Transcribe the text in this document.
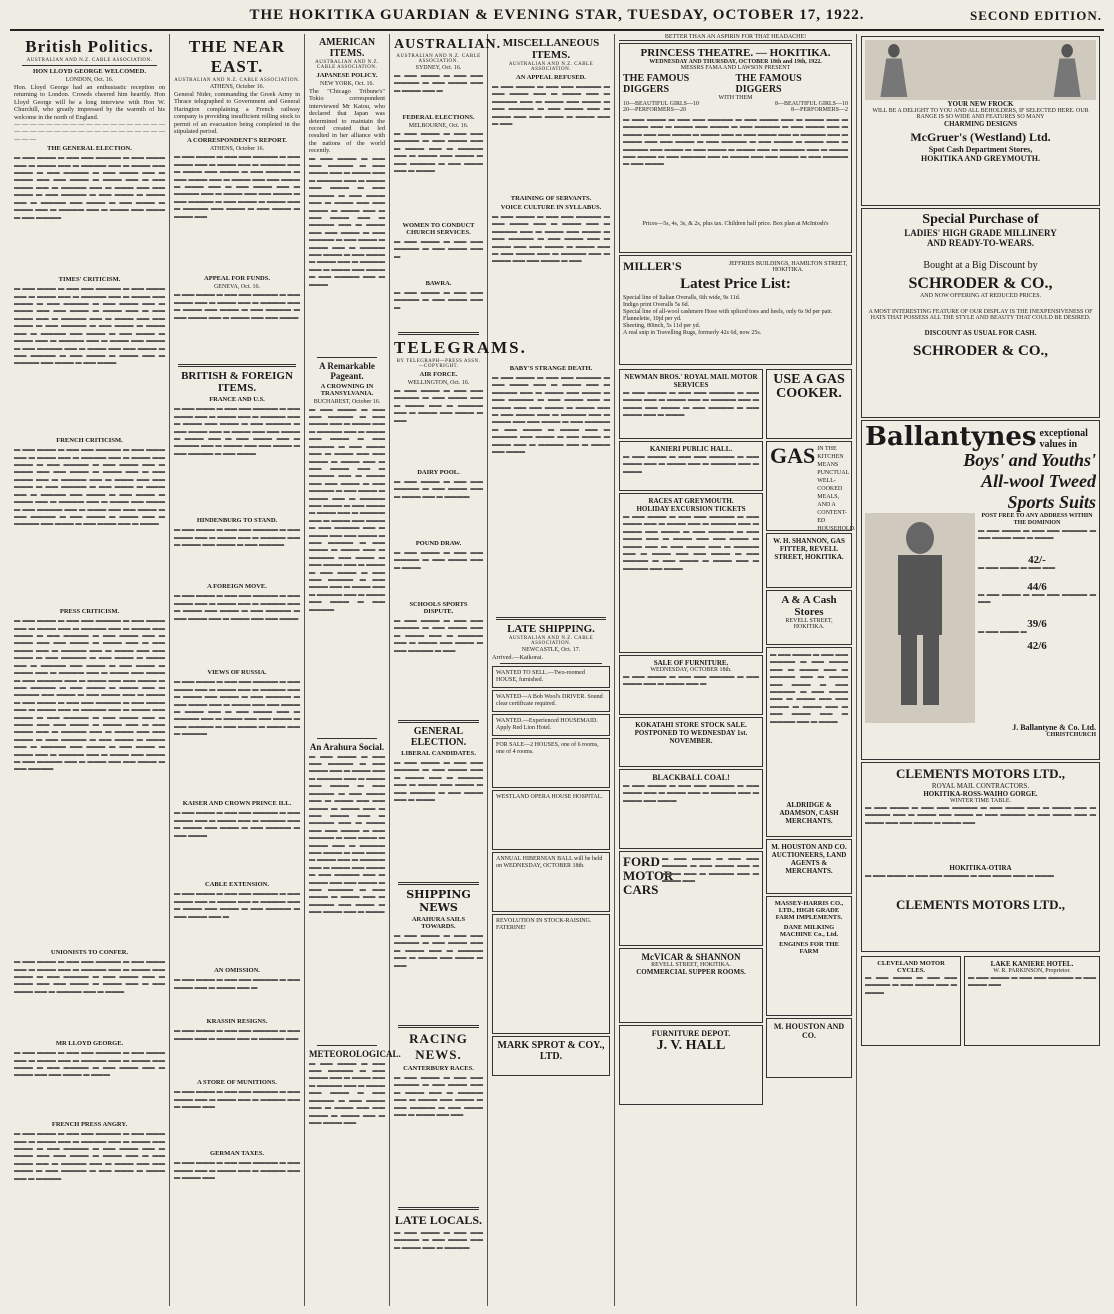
THE HOKITIKA GUARDIAN & EVENING STAR, TUESDAY, OCTOBER 17, 1922.	SECOND EDITION.
British Politics.
AUSTRALIAN AND N.Z. CABLE ASSOCIATION.
HON LLOYD GEORGE WELCOMED.
LONDON, Oct. 16.

Hon. Lloyd George had an enthusiastic reception on returning to London. Crowds cheered him heartily. Hon Lloyd George will be a long interview with Hon W. Churchill, who greatly impressed by the warmth of his welcome in the north of England.

— — — — — — — — — — — — — — — — — — — — — — — — — — — — — — — — — — — — — — — — —

THE GENERAL ELECTION.

▬ ▬▬ ▬▬▬ ▬ ▬▬ ▬▬ ▬▬▬▬ ▬ ▬▬ ▬▬▬ ▬▬ ▬ ▬▬▬ ▬▬ ▬ ▬▬▬▬ ▬▬ ▬ ▬▬▬ ▬▬ ▬▬▬ ▬ ▬▬ ▬▬▬▬ ▬ ▬▬ ▬▬▬ ▬▬ ▬ ▬▬▬ ▬▬ ▬▬ ▬▬▬ ▬ ▬▬▬ ▬▬ ▬ ▬▬ ▬▬▬ ▬▬ ▬ ▬▬▬▬ ▬▬ ▬ ▬▬▬ ▬▬ ▬▬ ▬▬▬ ▬ ▬▬ ▬▬▬▬ ▬ ▬▬ ▬▬▬ ▬ ▬▬▬ ▬▬ ▬ ▬▬▬▬ ▬▬ ▬▬▬ ▬ ▬▬ ▬▬▬ ▬ ▬▬▬ ▬▬ ▬ ▬▬▬▬ ▬▬ ▬ ▬▬▬ ▬▬ ▬▬▬ ▬ ▬▬ ▬▬▬▬

TIMES' CRITICISM.

▬ ▬▬ ▬▬▬ ▬ ▬▬ ▬▬ ▬▬▬▬ ▬ ▬▬ ▬▬▬ ▬▬ ▬ ▬▬▬ ▬▬ ▬ ▬▬▬▬ ▬▬ ▬ ▬▬▬ ▬▬ ▬▬▬ ▬ ▬▬ ▬▬▬▬ ▬ ▬▬ ▬▬▬ ▬▬ ▬ ▬▬▬ ▬▬ ▬▬ ▬▬▬ ▬ ▬▬▬ ▬▬ ▬ ▬▬ ▬▬▬ ▬▬ ▬ ▬▬▬▬ ▬▬ ▬ ▬▬▬ ▬▬ ▬▬ ▬▬▬ ▬ ▬▬ ▬▬▬▬ ▬ ▬▬ ▬▬▬ ▬ ▬▬▬ ▬▬ ▬ ▬▬▬▬ ▬▬ ▬▬▬ ▬ ▬▬ ▬▬▬ ▬ ▬▬▬ ▬▬ ▬ ▬▬▬▬ ▬▬ ▬ ▬▬▬ ▬▬ ▬▬▬ ▬ ▬▬ ▬▬▬▬ ▬▬ ▬ ▬▬▬ ▬▬ ▬▬ ▬▬▬ ▬ ▬▬ ▬▬▬▬ ▬ ▬▬ ▬▬▬ ▬ ▬▬▬ ▬▬ ▬ ▬▬▬▬ ▬▬ ▬▬▬ ▬ ▬▬ ▬▬▬

FRENCH CRITICISM.

▬ ▬▬ ▬▬▬ ▬ ▬▬ ▬▬ ▬▬▬▬ ▬ ▬▬ ▬▬▬ ▬▬ ▬ ▬▬▬ ▬▬ ▬ ▬▬▬▬ ▬▬ ▬ ▬▬▬ ▬▬ ▬▬▬ ▬ ▬▬ ▬▬▬▬ ▬ ▬▬ ▬▬▬ ▬▬ ▬ ▬▬▬ ▬▬ ▬▬ ▬▬▬ ▬ ▬▬▬ ▬▬ ▬ ▬▬ ▬▬▬ ▬▬ ▬ ▬▬▬▬ ▬▬ ▬ ▬▬▬ ▬▬ ▬▬ ▬▬▬ ▬ ▬▬ ▬▬▬▬ ▬ ▬▬ ▬▬▬ ▬ ▬▬▬ ▬▬ ▬ ▬▬▬▬ ▬▬ ▬▬▬ ▬ ▬▬ ▬▬▬ ▬ ▬▬▬ ▬▬ ▬ ▬▬▬▬ ▬▬ ▬ ▬▬▬ ▬▬ ▬▬▬ ▬ ▬▬ ▬▬▬▬ ▬▬ ▬ ▬▬▬ ▬▬ ▬▬ ▬▬▬ ▬ ▬▬ ▬▬▬▬ ▬ ▬▬ ▬▬▬ ▬ ▬▬▬ ▬▬ ▬ ▬▬▬▬ ▬▬ ▬▬▬ ▬ ▬▬ ▬▬▬ ▬▬ ▬ ▬▬▬

PRESS CRITICISM.

▬ ▬▬ ▬▬▬ ▬ ▬▬ ▬▬ ▬▬▬▬ ▬ ▬▬ ▬▬▬ ▬▬ ▬ ▬▬▬ ▬▬ ▬ ▬▬▬▬ ▬▬ ▬ ▬▬▬ ▬▬ ▬▬▬ ▬ ▬▬ ▬▬▬▬ ▬ ▬▬ ▬▬▬ ▬▬ ▬ ▬▬▬ ▬▬ ▬▬ ▬▬▬ ▬ ▬▬▬ ▬▬ ▬ ▬▬ ▬▬▬ ▬▬ ▬ ▬▬▬▬ ▬▬ ▬ ▬▬▬ ▬▬ ▬▬ ▬▬▬ ▬ ▬▬ ▬▬▬▬ ▬ ▬▬ ▬▬▬ ▬ ▬▬▬ ▬▬ ▬ ▬▬▬▬ ▬▬ ▬▬▬ ▬ ▬▬ ▬▬▬ ▬ ▬▬▬ ▬▬ ▬ ▬▬▬▬ ▬▬ ▬ ▬▬▬ ▬▬ ▬▬▬ ▬ ▬▬ ▬▬▬▬ ▬▬ ▬ ▬▬▬ ▬▬ ▬▬ ▬▬▬ ▬ ▬▬ ▬▬▬▬ ▬ ▬▬ ▬▬▬ ▬ ▬▬▬ ▬▬ ▬ ▬▬▬▬ ▬▬ ▬▬▬ ▬ ▬▬ ▬▬▬ ▬▬ ▬ ▬▬▬ ▬ ▬▬ ▬▬▬ ▬ ▬▬ ▬▬ ▬▬▬▬ ▬ ▬▬ ▬▬▬ ▬▬ ▬ ▬▬▬ ▬▬ ▬ ▬▬▬▬ ▬▬ ▬ ▬▬▬ ▬▬ ▬▬▬ ▬ ▬▬ ▬▬▬▬ ▬ ▬▬ ▬▬▬ ▬▬ ▬ ▬▬▬ ▬▬ ▬▬ ▬▬▬ ▬ ▬▬▬ ▬▬ ▬ ▬▬ ▬▬▬ ▬▬ ▬ ▬▬▬▬ ▬▬ ▬ ▬▬▬ ▬▬ ▬▬ ▬▬▬ ▬ ▬▬ ▬▬▬▬ ▬ ▬▬ ▬▬▬ ▬ ▬▬▬ ▬▬ ▬ ▬▬▬▬ ▬▬ ▬▬▬ ▬ ▬▬ ▬▬▬ ▬ ▬▬▬ ▬▬ ▬ ▬▬▬▬ ▬▬ ▬ ▬▬▬ ▬▬ ▬▬▬ ▬ ▬▬ ▬▬▬▬ ▬▬ ▬ ▬▬▬ ▬▬ ▬▬ ▬▬▬ ▬ ▬▬ ▬▬▬▬

UNIONISTS TO CONFER.

▬ ▬▬ ▬▬▬ ▬ ▬▬ ▬▬ ▬▬▬▬ ▬ ▬▬ ▬▬▬ ▬▬ ▬ ▬▬▬ ▬▬ ▬ ▬▬▬▬ ▬▬ ▬ ▬▬▬ ▬▬ ▬▬▬ ▬ ▬▬ ▬▬▬▬ ▬ ▬▬ ▬▬▬ ▬▬ ▬ ▬▬▬ ▬▬ ▬▬ ▬▬▬ ▬ ▬▬▬ ▬▬ ▬ ▬▬ ▬▬▬ ▬▬ ▬ ▬▬▬▬ ▬▬ ▬ ▬▬▬

MR LLOYD GEORGE.

▬ ▬▬ ▬▬▬ ▬ ▬▬ ▬▬ ▬▬▬▬ ▬ ▬▬ ▬▬▬ ▬▬ ▬ ▬▬▬ ▬▬ ▬ ▬▬▬▬ ▬▬ ▬ ▬▬▬ ▬▬ ▬▬▬ ▬ ▬▬ ▬▬▬▬ ▬ ▬▬ ▬▬▬ ▬▬ ▬ ▬▬▬ ▬▬ ▬▬ ▬▬▬ ▬ ▬▬▬

FRENCH PRESS ANGRY.

▬ ▬▬ ▬▬▬ ▬ ▬▬ ▬▬ ▬▬▬▬ ▬ ▬▬ ▬▬▬ ▬▬ ▬ ▬▬▬ ▬▬ ▬ ▬▬▬▬ ▬▬ ▬ ▬▬▬ ▬▬ ▬▬▬ ▬ ▬▬ ▬▬▬▬ ▬ ▬▬ ▬▬▬ ▬▬ ▬ ▬▬▬ ▬▬ ▬▬ ▬▬▬ ▬ ▬▬▬ ▬▬ ▬ ▬▬ ▬▬▬ ▬▬ ▬ ▬▬▬▬ ▬▬ ▬ ▬▬▬ ▬▬ ▬▬ ▬▬▬ ▬ ▬▬ ▬▬▬▬ ▬ ▬▬ ▬▬▬ ▬ ▬▬▬ ▬▬ ▬ ▬▬▬▬

THE NEAR EAST.
AUSTRALIAN AND N.Z. CABLE ASSOCIATION.
ATHENS, October 16.

General Nider, commanding the Greek Army in Thrace telegraphed to Government and General Harington complaining a French railway company is providing insufficient rolling stock to permit of an evacuation being completed in the stipulated period.

A CORRESPONDENT'S REPORT.
ATHENS, October 16.

▬ ▬▬ ▬▬▬ ▬ ▬▬ ▬▬ ▬▬▬▬ ▬ ▬▬ ▬▬▬ ▬▬ ▬ ▬▬▬ ▬▬ ▬ ▬▬▬▬ ▬▬ ▬ ▬▬▬ ▬▬ ▬▬▬ ▬ ▬▬ ▬▬▬▬ ▬ ▬▬ ▬▬▬ ▬▬ ▬ ▬▬▬ ▬▬ ▬▬ ▬▬▬ ▬ ▬▬▬ ▬▬ ▬ ▬▬ ▬▬▬ ▬▬ ▬ ▬▬▬▬ ▬▬ ▬ ▬▬▬ ▬▬ ▬▬ ▬▬▬ ▬ ▬▬ ▬▬▬▬ ▬ ▬▬ ▬▬▬ ▬ ▬▬▬ ▬▬ ▬ ▬▬▬▬ ▬▬ ▬▬▬ ▬ ▬▬ ▬▬▬ ▬ ▬▬▬ ▬▬

APPEAL FOR FUNDS.
GENEVA, Oct. 16.

▬ ▬▬ ▬▬▬ ▬ ▬▬ ▬▬ ▬▬▬▬ ▬ ▬▬ ▬▬▬ ▬▬ ▬ ▬▬▬ ▬▬ ▬ ▬▬▬▬ ▬▬ ▬ ▬▬▬ ▬▬ ▬▬▬ ▬ ▬▬ ▬▬▬▬ ▬ ▬▬ ▬▬▬ ▬▬ ▬ ▬▬▬ ▬▬ ▬▬ ▬▬▬

BRITISH & FOREIGN ITEMS.
FRANCE AND U.S.

▬ ▬▬ ▬▬▬ ▬ ▬▬ ▬▬ ▬▬▬▬ ▬ ▬▬ ▬▬▬ ▬▬ ▬ ▬▬▬ ▬▬ ▬ ▬▬▬▬ ▬▬ ▬ ▬▬▬ ▬▬ ▬▬▬ ▬ ▬▬ ▬▬▬▬ ▬ ▬▬ ▬▬▬ ▬▬ ▬ ▬▬▬ ▬▬ ▬▬ ▬▬▬ ▬ ▬▬▬ ▬▬ ▬ ▬▬ ▬▬▬ ▬▬ ▬ ▬▬▬▬ ▬▬ ▬ ▬▬▬ ▬▬ ▬▬ ▬▬▬ ▬ ▬▬ ▬▬▬▬ ▬ ▬▬ ▬▬▬

HINDENBURG TO STAND.

▬ ▬▬ ▬▬▬ ▬ ▬▬ ▬▬ ▬▬▬▬ ▬ ▬▬ ▬▬▬ ▬▬ ▬ ▬▬▬ ▬▬ ▬ ▬▬▬▬ ▬▬ ▬ ▬▬▬ ▬▬ ▬▬▬ ▬ ▬▬ ▬▬▬▬

A FOREIGN MOVE.

▬ ▬▬ ▬▬▬ ▬ ▬▬ ▬▬ ▬▬▬▬ ▬ ▬▬ ▬▬▬ ▬▬ ▬ ▬▬▬ ▬▬ ▬ ▬▬▬▬ ▬▬ ▬ ▬▬▬ ▬▬ ▬▬▬ ▬ ▬▬ ▬▬▬▬ ▬ ▬▬ ▬▬▬ ▬▬ ▬ ▬▬▬ ▬▬ ▬▬ ▬▬▬

VIEWS OF RUSSIA.

▬ ▬▬ ▬▬▬ ▬ ▬▬ ▬▬ ▬▬▬▬ ▬ ▬▬ ▬▬▬ ▬▬ ▬ ▬▬▬ ▬▬ ▬ ▬▬▬▬ ▬▬ ▬ ▬▬▬ ▬▬ ▬▬▬ ▬ ▬▬ ▬▬▬▬ ▬ ▬▬ ▬▬▬ ▬▬ ▬ ▬▬▬ ▬▬ ▬▬ ▬▬▬ ▬ ▬▬▬ ▬▬ ▬ ▬▬ ▬▬▬ ▬▬ ▬ ▬▬▬▬ ▬▬ ▬ ▬▬▬ ▬▬ ▬▬ ▬▬▬ ▬ ▬▬ ▬▬▬▬ ▬ ▬▬ ▬▬▬ ▬ ▬▬▬ ▬▬ ▬ ▬▬▬▬

KAISER AND CROWN PRINCE ILL.

▬ ▬▬ ▬▬▬ ▬ ▬▬ ▬▬ ▬▬▬▬ ▬ ▬▬ ▬▬▬ ▬▬ ▬ ▬▬▬ ▬▬ ▬ ▬▬▬▬ ▬▬ ▬ ▬▬▬ ▬▬ ▬▬▬ ▬ ▬▬ ▬▬▬▬ ▬ ▬▬ ▬▬▬

CABLE EXTENSION.

▬ ▬▬ ▬▬▬ ▬ ▬▬ ▬▬ ▬▬▬▬ ▬ ▬▬ ▬▬▬ ▬▬ ▬ ▬▬▬ ▬▬ ▬ ▬▬▬▬ ▬▬ ▬ ▬▬▬ ▬▬ ▬▬▬ ▬ ▬▬ ▬▬▬▬ ▬ ▬▬ ▬▬▬ ▬▬ ▬

AN OMISSION.

▬ ▬▬ ▬▬▬ ▬ ▬▬ ▬▬ ▬▬▬▬ ▬ ▬▬ ▬▬▬ ▬▬ ▬ ▬▬▬ ▬▬ ▬

KRASSIN RESIGNS.

▬ ▬▬ ▬▬▬ ▬ ▬▬ ▬▬ ▬▬▬▬ ▬ ▬▬ ▬▬▬ ▬▬ ▬ ▬▬▬ ▬▬ ▬ ▬▬▬▬ ▬▬

A STORE OF MUNITIONS.

▬ ▬▬ ▬▬▬ ▬ ▬▬ ▬▬ ▬▬▬▬ ▬ ▬▬ ▬▬▬ ▬▬ ▬ ▬▬▬ ▬▬ ▬ ▬▬▬▬ ▬▬ ▬ ▬▬▬ ▬▬

GERMAN TAXES.

▬ ▬▬ ▬▬▬ ▬ ▬▬ ▬▬ ▬▬▬▬ ▬ ▬▬ ▬▬▬ ▬▬ ▬ ▬▬▬ ▬▬ ▬ ▬▬▬▬ ▬▬ ▬ ▬▬▬ ▬▬

AMERICAN ITEMS.
AUSTRALIAN AND N.Z. CABLE ASSOCIATION.
JAPANESE POLICY.
NEW YORK, Oct. 16.

The "Chicago Tribune's" Tokio correspondent interviewed Mr Katou, who declared that Japan was determined to maintain the record created that led resulted in her alliance with the nations of the world recently.

▬ ▬▬ ▬▬▬ ▬ ▬▬ ▬▬ ▬▬▬▬ ▬ ▬▬ ▬▬▬ ▬▬ ▬ ▬▬▬ ▬▬ ▬ ▬▬▬▬ ▬▬ ▬ ▬▬▬ ▬▬ ▬▬▬ ▬ ▬▬ ▬▬▬▬ ▬ ▬▬ ▬▬▬ ▬▬ ▬ ▬▬▬ ▬▬ ▬▬ ▬▬▬ ▬ ▬▬▬ ▬▬ ▬ ▬▬ ▬▬▬ ▬▬ ▬ ▬▬▬▬ ▬▬ ▬ ▬▬▬ ▬▬ ▬▬ ▬▬▬ ▬ ▬▬ ▬▬▬▬ ▬ ▬▬ ▬▬▬ ▬ ▬▬▬ ▬▬ ▬ ▬▬▬▬ ▬▬ ▬▬▬ ▬ ▬▬ ▬▬▬ ▬ ▬▬▬ ▬▬ ▬ ▬▬▬▬ ▬▬ ▬ ▬▬▬ ▬▬ ▬▬▬ ▬ ▬▬ ▬▬▬▬ ▬▬ ▬ ▬▬▬

A Remarkable Pageant.
A CROWNING IN TRANSYLVANIA.
BUCHAREST, October 16.

▬ ▬▬ ▬▬▬ ▬ ▬▬ ▬▬ ▬▬▬▬ ▬ ▬▬ ▬▬▬ ▬▬ ▬ ▬▬▬ ▬▬ ▬ ▬▬▬▬ ▬▬ ▬ ▬▬▬ ▬▬ ▬▬▬ ▬ ▬▬ ▬▬▬▬ ▬ ▬▬ ▬▬▬ ▬▬ ▬ ▬▬▬ ▬▬ ▬▬ ▬▬▬ ▬ ▬▬▬ ▬▬ ▬ ▬▬ ▬▬▬ ▬▬ ▬ ▬▬▬▬ ▬▬ ▬ ▬▬▬ ▬▬ ▬▬ ▬▬▬ ▬ ▬▬ ▬▬▬▬ ▬ ▬▬ ▬▬▬ ▬ ▬▬▬ ▬▬ ▬ ▬▬▬▬ ▬▬ ▬▬▬ ▬ ▬▬ ▬▬▬ ▬ ▬▬▬ ▬▬ ▬ ▬▬▬▬ ▬▬ ▬ ▬▬▬ ▬▬ ▬▬▬ ▬ ▬▬ ▬▬▬▬ ▬▬ ▬ ▬▬▬ ▬▬ ▬▬ ▬▬▬ ▬ ▬▬ ▬▬▬▬ ▬ ▬▬ ▬▬▬ ▬ ▬▬▬ ▬▬ ▬ ▬▬▬▬ ▬▬ ▬▬▬ ▬ ▬▬ ▬▬▬ ▬▬ ▬ ▬▬▬ ▬ ▬▬ ▬▬▬ ▬ ▬▬ ▬▬ ▬▬▬▬ ▬ ▬▬ ▬▬▬ ▬▬ ▬ ▬▬▬ ▬▬ ▬ ▬▬▬▬ ▬▬ ▬ ▬▬▬ ▬▬ ▬▬▬ ▬ ▬▬ ▬▬▬▬

An Arahura Social.

▬ ▬▬ ▬▬▬ ▬ ▬▬ ▬▬ ▬▬▬▬ ▬ ▬▬ ▬▬▬ ▬▬ ▬ ▬▬▬ ▬▬ ▬ ▬▬▬▬ ▬▬ ▬ ▬▬▬ ▬▬ ▬▬▬ ▬ ▬▬ ▬▬▬▬ ▬ ▬▬ ▬▬▬ ▬▬ ▬ ▬▬▬ ▬▬ ▬▬ ▬▬▬ ▬ ▬▬▬ ▬▬ ▬ ▬▬ ▬▬▬ ▬▬ ▬ ▬▬▬▬ ▬▬ ▬ ▬▬▬ ▬▬ ▬▬ ▬▬▬ ▬ ▬▬ ▬▬▬▬ ▬ ▬▬ ▬▬▬ ▬ ▬▬▬ ▬▬ ▬ ▬▬▬▬ ▬▬ ▬▬▬ ▬ ▬▬ ▬▬▬ ▬ ▬▬▬ ▬▬ ▬ ▬▬▬▬ ▬▬ ▬ ▬▬▬ ▬▬ ▬▬▬ ▬ ▬▬ ▬▬▬▬ ▬▬ ▬ ▬▬▬ ▬▬ ▬▬ ▬▬▬ ▬ ▬▬ ▬▬▬▬ ▬ ▬▬ ▬▬▬ ▬ ▬▬▬ ▬▬ ▬ ▬▬▬▬ ▬▬ ▬▬▬ ▬ ▬▬ ▬▬▬ ▬▬ ▬ ▬▬▬

METEOROLOGICAL.

▬ ▬▬ ▬▬▬ ▬ ▬▬ ▬▬ ▬▬▬▬ ▬ ▬▬ ▬▬▬ ▬▬ ▬ ▬▬▬ ▬▬ ▬ ▬▬▬▬ ▬▬ ▬ ▬▬▬ ▬▬ ▬▬▬ ▬ ▬▬ ▬▬▬▬ ▬ ▬▬ ▬▬▬ ▬▬ ▬ ▬▬▬ ▬▬ ▬▬ ▬▬▬ ▬ ▬▬▬ ▬▬ ▬ ▬▬ ▬▬▬ ▬▬

AUSTRALIAN.
AUSTRALIAN AND N.Z. CABLE ASSOCIATION.
SYDNEY, Oct. 16.

▬ ▬▬ ▬▬▬ ▬ ▬▬ ▬▬ ▬▬▬▬ ▬ ▬▬ ▬▬▬ ▬▬ ▬ ▬▬▬ ▬▬ ▬

FEDERAL ELECTIONS.
MELBOURNE, Oct. 16.

▬ ▬▬ ▬▬▬ ▬ ▬▬ ▬▬ ▬▬▬▬ ▬ ▬▬ ▬▬▬ ▬▬ ▬ ▬▬▬ ▬▬ ▬ ▬▬▬▬ ▬▬ ▬ ▬▬▬ ▬▬ ▬▬▬ ▬ ▬▬ ▬▬▬▬ ▬ ▬▬ ▬▬▬ ▬▬ ▬ ▬▬▬

WOMEN TO CONDUCT CHURCH SERVICES.

▬ ▬▬ ▬▬▬ ▬ ▬▬ ▬▬ ▬▬▬▬ ▬ ▬▬ ▬▬▬ ▬▬ ▬

BAWRA.

▬ ▬▬ ▬▬▬ ▬ ▬▬ ▬▬ ▬▬▬▬ ▬ ▬▬ ▬▬▬ ▬▬ ▬

TELEGRAMS.
BY TELEGRAPH—PRESS ASSN.—COPYRIGHT.
AIR FORCE.
WELLINGTON, Oct. 16.

▬ ▬▬ ▬▬▬ ▬ ▬▬ ▬▬ ▬▬▬▬ ▬ ▬▬ ▬▬▬ ▬▬ ▬ ▬▬▬ ▬▬ ▬ ▬▬▬▬ ▬▬ ▬ ▬▬▬ ▬▬ ▬▬▬ ▬ ▬▬

DAIRY POOL.

▬ ▬▬ ▬▬▬ ▬ ▬▬ ▬▬ ▬▬▬▬ ▬ ▬▬ ▬▬▬ ▬▬ ▬ ▬▬▬ ▬▬ ▬ ▬▬▬▬

POUND DRAW.

▬ ▬▬ ▬▬▬ ▬ ▬▬ ▬▬ ▬▬▬▬ ▬ ▬▬ ▬▬▬ ▬▬ ▬ ▬▬▬

SCHOOLS SPORTS DISPUTE.

▬ ▬▬ ▬▬▬ ▬ ▬▬ ▬▬ ▬▬▬▬ ▬ ▬▬ ▬▬▬ ▬▬ ▬ ▬▬▬ ▬▬ ▬ ▬▬▬▬ ▬▬ ▬ ▬▬▬ ▬▬ ▬▬▬ ▬ ▬▬ ▬▬▬▬ ▬ ▬▬

GENERAL ELECTION.
LIBERAL CANDIDATES.

▬ ▬▬ ▬▬▬ ▬ ▬▬ ▬▬ ▬▬▬▬ ▬ ▬▬ ▬▬▬ ▬▬ ▬ ▬▬▬ ▬▬ ▬ ▬▬▬▬ ▬▬ ▬ ▬▬▬ ▬▬ ▬▬▬ ▬ ▬▬ ▬▬▬▬ ▬ ▬▬ ▬▬▬ ▬▬ ▬ ▬▬▬

SHIPPING NEWS
ARAHURA SAILS TOWARDS.

▬ ▬▬ ▬▬▬ ▬ ▬▬ ▬▬ ▬▬▬▬ ▬ ▬▬ ▬▬▬ ▬▬ ▬ ▬▬▬ ▬▬ ▬ ▬▬▬▬ ▬▬ ▬ ▬▬▬ ▬▬ ▬▬▬ ▬ ▬▬

RACING NEWS.
CANTERBURY RACES.

▬ ▬▬ ▬▬▬ ▬ ▬▬ ▬▬ ▬▬▬▬ ▬ ▬▬ ▬▬▬ ▬▬ ▬ ▬▬▬ ▬▬ ▬ ▬▬▬▬ ▬▬ ▬ ▬▬▬ ▬▬ ▬▬▬ ▬ ▬▬ ▬▬▬▬ ▬ ▬▬ ▬▬▬ ▬▬ ▬ ▬▬▬ ▬▬ ▬▬

LATE LOCALS.

▬ ▬▬ ▬▬▬ ▬ ▬▬ ▬▬ ▬▬▬▬ ▬ ▬▬ ▬▬▬ ▬▬ ▬ ▬▬▬ ▬▬ ▬ ▬▬▬▬

MISCELLANEOUS ITEMS.
AUSTRALIAN AND N.Z. CABLE ASSOCIATION.
AN APPEAL REFUSED.

▬ ▬▬ ▬▬▬ ▬ ▬▬ ▬▬ ▬▬▬▬ ▬ ▬▬ ▬▬▬ ▬▬ ▬ ▬▬▬ ▬▬ ▬ ▬▬▬▬ ▬▬ ▬ ▬▬▬ ▬▬ ▬▬▬ ▬ ▬▬ ▬▬▬▬ ▬ ▬▬ ▬▬▬ ▬▬ ▬ ▬▬▬ ▬▬ ▬▬ ▬▬▬ ▬ ▬▬▬ ▬▬ ▬ ▬▬

TRAINING OF SERVANTS.
VOICE CULTURE IN SYLLABUS.

▬ ▬▬ ▬▬▬ ▬ ▬▬ ▬▬ ▬▬▬▬ ▬ ▬▬ ▬▬▬ ▬▬ ▬ ▬▬▬ ▬▬ ▬ ▬▬▬▬ ▬▬ ▬ ▬▬▬ ▬▬ ▬▬▬ ▬ ▬▬ ▬▬▬▬ ▬ ▬▬ ▬▬▬ ▬▬ ▬ ▬▬▬ ▬▬ ▬▬ ▬▬▬ ▬ ▬▬▬ ▬▬ ▬ ▬▬ ▬▬▬ ▬▬ ▬ ▬▬▬▬ ▬▬ ▬ ▬▬▬ ▬▬ ▬▬ ▬▬▬ ▬ ▬▬

BABY'S STRANGE DEATH.

▬ ▬▬ ▬▬▬ ▬ ▬▬ ▬▬ ▬▬▬▬ ▬ ▬▬ ▬▬▬ ▬▬ ▬ ▬▬▬ ▬▬ ▬ ▬▬▬▬ ▬▬ ▬ ▬▬▬ ▬▬ ▬▬▬ ▬ ▬▬ ▬▬▬▬ ▬ ▬▬ ▬▬▬ ▬▬ ▬ ▬▬▬ ▬▬ ▬▬ ▬▬▬ ▬ ▬▬▬ ▬▬ ▬ ▬▬ ▬▬▬ ▬▬ ▬ ▬▬▬▬ ▬▬ ▬ ▬▬▬ ▬▬ ▬▬ ▬▬▬ ▬ ▬▬ ▬▬▬▬ ▬ ▬▬ ▬▬▬ ▬ ▬▬▬ ▬▬ ▬ ▬▬▬▬ ▬▬ ▬▬▬ ▬ ▬▬ ▬▬▬ ▬ ▬▬▬ ▬▬ ▬ ▬▬▬▬ ▬▬ ▬ ▬▬▬ ▬▬ ▬▬▬

LATE SHIPPING.
AUSTRALIAN AND N.Z. CABLE ASSOCIATION.
NEWCASTLE, Oct. 17.

Arrived.—Kaikorai.

WANTED TO SELL.—Two-roomed HOUSE, furnished.
WANTED—A Bob Wool's DRIVER. Sound clear certificate required.
WANTED.—Experienced HOUSEMAID. Apply Red Lion Hotel.
FOR SALE—2 HOUSES, one of 6 rooms, one of 4 rooms.
WESTLAND OPERA HOUSE HOSPITAL.
ANNUAL HIBERNIAN BALL will be held on WEDNESDAY, OCTOBER 18th.
REVOLUTION IN STOCK-RAISING. FATERINE!
MARK SPROT & COY., LTD.
BETTER THAN AN ASPIRIN FOR THAT HEADACHE!
PRINCESS THEATRE. — HOKITIKA.
WEDNESDAY AND THURSDAY, OCTOBER 18th and 19th, 1922.
MESSRS FAMA AND LAWSON PRESENT
THE FAMOUS DIGGERS
THE FAMOUS DIGGERS
WITH THEM
10—BEAUTIFUL GIRLS—10	8—BEAUTIFUL GIRLS—10
20—PERFORMERS—20	8—PERFORMERS—2

▬ ▬▬ ▬▬▬ ▬ ▬▬ ▬▬ ▬▬▬▬ ▬ ▬▬ ▬▬▬ ▬▬ ▬ ▬▬▬ ▬▬ ▬ ▬▬▬▬ ▬▬ ▬ ▬▬▬ ▬▬ ▬▬▬ ▬ ▬▬ ▬▬▬▬ ▬ ▬▬ ▬▬▬ ▬▬ ▬ ▬▬▬ ▬▬ ▬▬ ▬▬▬ ▬ ▬▬▬ ▬▬ ▬ ▬▬ ▬▬▬ ▬▬ ▬ ▬▬▬▬ ▬▬ ▬ ▬▬▬ ▬▬ ▬▬ ▬▬▬ ▬ ▬▬ ▬▬▬▬ ▬ ▬▬ ▬▬▬ ▬ ▬▬▬ ▬▬ ▬ ▬▬▬▬ ▬▬ ▬▬▬ ▬ ▬▬ ▬▬▬ ▬ ▬▬▬ ▬▬ ▬ ▬▬▬▬ ▬▬ ▬ ▬▬▬ ▬▬ ▬▬▬ ▬ ▬▬ ▬▬▬▬ ▬▬ ▬ ▬▬▬ ▬▬ ▬▬ ▬▬▬ ▬ ▬▬ ▬▬▬▬ ▬ ▬▬ ▬▬▬

Prices—5s, 4s, 3s, & 2s, plus tax. Children half price. Box plan at McIntosh's
MILLER'S	JEFFRIES BUILDINGS, HAMILTON STREET, HOKITIKA.
Latest Price List:
Special line of Italian Overalls, 6th wide, 9s 11d.
Indigo print Overalls 5s 6d.
Special line of all-wool cashmere Hose with spliced toes and heels, only 6s 9d per pair.
Flannelette, 10jd per yd.
Sheeting, 80inch, 5s 11d per yd.
A real snip in Travelling Rugs, formerly 42s 6d, now 25s.
NEWMAN BROS.' ROYAL MAIL MOTOR SERVICES

▬ ▬▬ ▬▬▬ ▬ ▬▬ ▬▬ ▬▬▬▬ ▬ ▬▬ ▬▬▬ ▬▬ ▬ ▬▬▬ ▬▬ ▬ ▬▬▬▬ ▬▬ ▬ ▬▬▬ ▬▬ ▬▬▬ ▬ ▬▬ ▬▬▬▬ ▬ ▬▬ ▬▬▬ ▬▬ ▬ ▬▬▬

KANIERI PUBLIC HALL.

▬ ▬▬ ▬▬▬ ▬ ▬▬ ▬▬ ▬▬▬▬ ▬ ▬▬ ▬▬▬ ▬▬ ▬ ▬▬▬ ▬▬ ▬ ▬▬▬▬ ▬▬ ▬ ▬▬▬

RACES AT GREYMOUTH.
HOLIDAY EXCURSION TICKETS

▬ ▬▬ ▬▬▬ ▬ ▬▬ ▬▬ ▬▬▬▬ ▬ ▬▬ ▬▬▬ ▬▬ ▬ ▬▬▬ ▬▬ ▬ ▬▬▬▬ ▬▬ ▬ ▬▬▬ ▬▬ ▬▬▬ ▬ ▬▬ ▬▬▬▬ ▬ ▬▬ ▬▬▬ ▬▬ ▬ ▬▬▬ ▬▬ ▬▬ ▬▬▬ ▬ ▬▬▬ ▬▬ ▬ ▬▬ ▬▬▬ ▬▬ ▬ ▬▬▬▬ ▬▬ ▬ ▬▬▬ ▬▬ ▬▬ ▬▬▬ ▬ ▬▬ ▬▬▬▬ ▬ ▬▬ ▬▬▬ ▬ ▬▬▬ ▬▬ ▬ ▬▬▬▬ ▬▬ ▬▬▬

SALE OF FURNITURE.
WEDNESDAY, OCTOBER 18th.

▬ ▬▬ ▬▬▬ ▬ ▬▬ ▬▬ ▬▬▬▬ ▬ ▬▬ ▬▬▬ ▬▬ ▬ ▬▬▬ ▬▬ ▬

KOKATAHI STORE STOCK SALE.
POSTPONED TO WEDNESDAY 1st. NOVEMBER.
BLACKBALL COAL!

▬ ▬▬ ▬▬▬ ▬ ▬▬ ▬▬ ▬▬▬▬ ▬ ▬▬ ▬▬▬ ▬▬ ▬ ▬▬▬ ▬▬ ▬ ▬▬▬▬ ▬▬ ▬ ▬▬▬ ▬▬ ▬▬▬

FORD MOTOR CARS

▬ ▬▬ ▬▬▬ ▬ ▬▬ ▬▬ ▬▬▬▬ ▬ ▬▬ ▬▬▬ ▬▬ ▬ ▬▬▬ ▬▬ ▬ ▬▬▬▬ ▬▬ ▬ ▬▬▬ ▬▬

McVICAR & SHANNON
REVELL STREET, HOKITIKA.
COMMERCIAL SUPPER ROOMS.
FURNITURE DEPOT.
J. V. HALL
USE A GAS COOKER.
GAS IN THE
KITCHEN MEANS
PUNCTUAL WELL-
COOKED MEALS,
AND A CONTENT-
ED HOUSEHOLD.
W. H. SHANNON, GAS FITTER, REVELL STREET, HOKITIKA.
A & A Cash Stores
REVELL STREET, HOKITIKA.

▬ ▬▬ ▬▬▬ ▬ ▬▬ ▬▬ ▬▬▬▬ ▬ ▬▬ ▬▬▬ ▬▬ ▬ ▬▬▬ ▬▬ ▬ ▬▬▬▬ ▬▬ ▬ ▬▬▬ ▬▬ ▬▬▬ ▬ ▬▬ ▬▬▬▬ ▬ ▬▬ ▬▬▬ ▬▬ ▬ ▬▬▬ ▬▬ ▬▬ ▬▬▬ ▬ ▬▬▬ ▬▬ ▬ ▬▬ ▬▬▬ ▬▬ ▬ ▬▬▬▬ ▬▬ ▬ ▬▬▬

ALDRIDGE & ADAMSON, CASH MERCHANTS.
M. HOUSTON AND CO. AUCTIONEERS, LAND AGENTS & MERCHANTS.
MASSEY-HARRIS CO., LTD., HIGH GRADE FARM IMPLEMENTS.
DANE MILKING MACHINE Co., Ltd.
ENGINES FOR THE FARM
M. HOUSTON AND CO.
YOUR NEW FROCK
WILL BE A DELIGHT TO YOU AND ALL BEHOLDERS, IF SELECTED HERE. OUR RANGE IS SO WIDE AND FEATURES SO MANY
CHARMING DESIGNS
McGruer's (Westland) Ltd.
Spot Cash Department Stores,
HOKITIKA AND GREYMOUTH.
Special Purchase of
LADIES' HIGH GRADE MILLINERY
AND READY-TO-WEARS.
Bought at a Big Discount by
SCHRODER & CO.,
AND NOW OFFERING AT REDUCED PRICES.
A MOST INTERESTING FEATURE OF OUR DISPLAY IS THE INEXPENSIVENESS OF HATS THAT POSSESS ALL THE STYLE AND BEAUTY THAT COULD BE DESIRED.
DISCOUNT AS USUAL FOR CASH.
SCHRODER & CO.,
Ballantynes exceptional values in
Boys' and Youths'
All-wool Tweed
Sports Suits
POST FREE TO ANY ADDRESS WITHIN THE DOMINION

▬ ▬▬ ▬▬▬ ▬ ▬▬ ▬▬ ▬▬▬▬ ▬ ▬▬ ▬▬▬ ▬▬ ▬ ▬▬▬

42/-

▬ ▬▬ ▬▬▬ ▬ ▬▬ ▬▬

44/6

▬ ▬▬ ▬▬▬ ▬ ▬▬ ▬▬ ▬▬▬▬ ▬ ▬▬

39/6

▬ ▬▬ ▬▬▬ ▬

42/6
J. Ballantyne & Co. Ltd.
CHRISTCHURCH
CLEMENTS MOTORS LTD.,
ROYAL MAIL CONTRACTORS.
HOKITIKA-ROSS-WAIHO GORGE.
WINTER TIME TABLE.

▬ ▬▬ ▬▬▬ ▬ ▬▬ ▬▬ ▬▬▬▬ ▬ ▬▬ ▬▬▬ ▬▬ ▬ ▬▬▬ ▬▬ ▬ ▬▬▬▬ ▬▬ ▬ ▬▬▬ ▬▬ ▬▬▬ ▬ ▬▬ ▬▬▬▬ ▬ ▬▬ ▬▬▬ ▬▬ ▬ ▬▬▬ ▬▬ ▬▬ ▬▬▬ ▬ ▬▬▬ ▬▬

HOKITIKA-OTIRA

▬ ▬▬ ▬▬▬ ▬ ▬▬ ▬▬ ▬▬▬▬ ▬ ▬▬ ▬▬▬ ▬▬ ▬ ▬▬▬

CLEMENTS MOTORS LTD.,
CLEVELAND MOTOR CYCLES.

▬ ▬▬ ▬▬▬ ▬ ▬▬ ▬▬ ▬▬▬▬ ▬ ▬▬ ▬▬▬ ▬▬ ▬ ▬▬▬

LAKE KANIERE HOTEL.
W. R. PARKINSON, Proprietor.

▬ ▬▬ ▬▬▬ ▬ ▬▬ ▬▬ ▬▬▬▬ ▬ ▬▬ ▬▬▬ ▬▬
